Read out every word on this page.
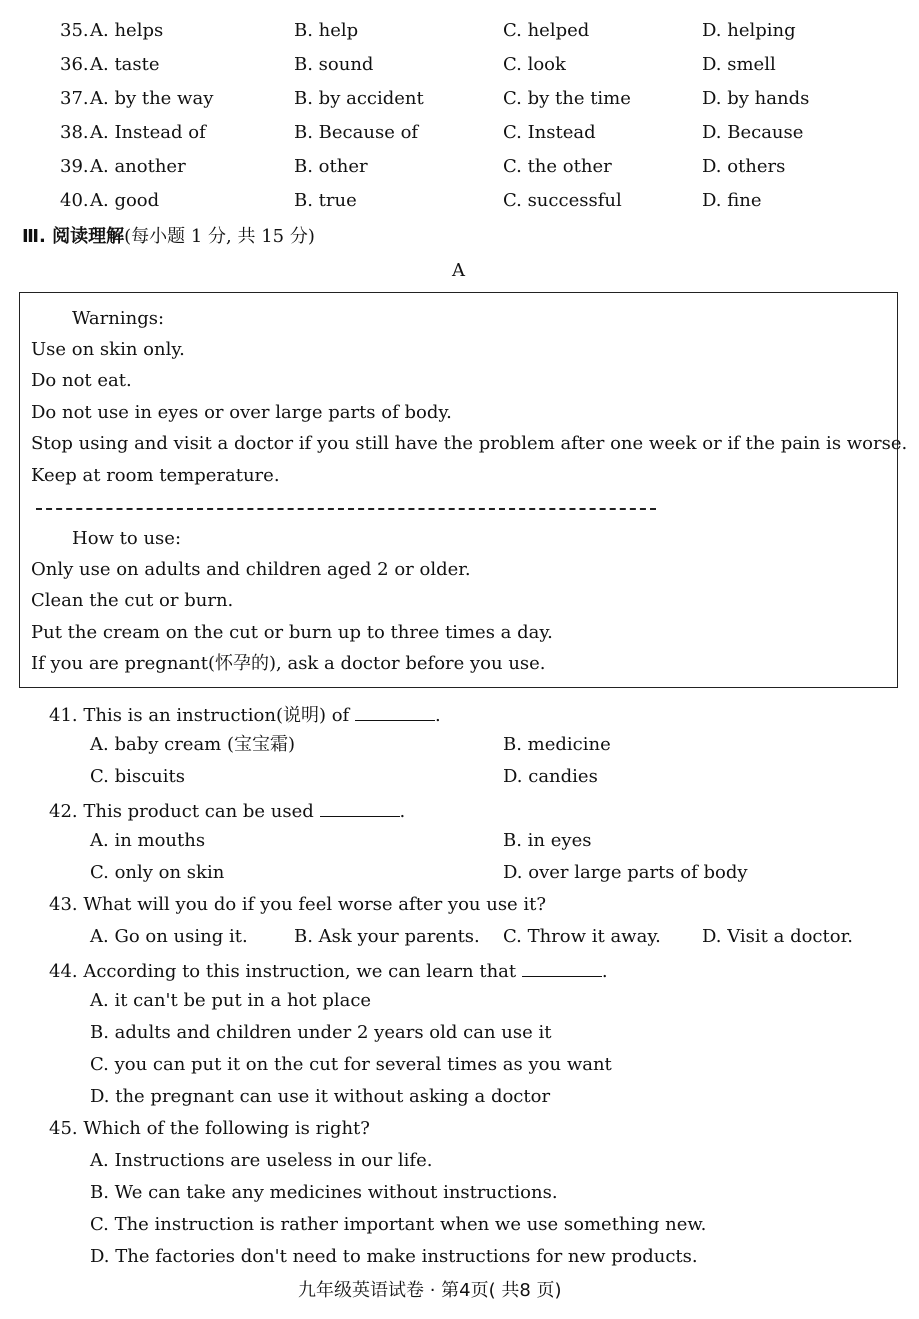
35. A. helps	B. help	C. helped	D. helping
36. A. taste	B. sound	C. look	D. smell
37. A. by the way	B. by accident	C. by the time	D. by hands
38. A. Instead of	B. Because of	C. Instead	D. Because
39. A. another	B. other	C. the other	D. others
40. A. good	B. true	C. successful	D. fine
Ⅲ. 阅读理解(每小题 1 分, 共 15 分)
A
Warnings:
Use on skin only.
Do not eat.
Do not use in eyes or over large parts of body.
Stop using and visit a doctor if you still have the problem after one week or if the pain is worse.
Keep at room temperature.
How to use:
Only use on adults and children aged 2 or older.
Clean the cut or burn.
Put the cream on the cut or burn up to three times a day.
If you are pregnant(怀孕的), ask a doctor before you use.
41. This is an instruction(说明) of	.
A. baby cream (宝宝霜)	B. medicine
C. biscuits	D. candies
42. This product can be used	.
A. in mouths	B. in eyes
C. only on skin	D. over large parts of body
43. What will you do if you feel worse after you use it?
A. Go on using it.	B. Ask your parents. C. Throw it away. D. Visit a doctor.
44. According to this instruction, we can learn that	.
A. it can't be put in a hot place
B. adults and children under 2 years old can use it
C. you can put it on the cut for several times as you want
D. the pregnant can use it without asking a doctor
45. Which of the following is right?
A. Instructions are useless in our life.
B. We can take any medicines without instructions.
C. The instruction is rather important when we use something new.
D. The factories don't need to make instructions for new products.
九年级英语试卷 · 第4页( 共8 页)
